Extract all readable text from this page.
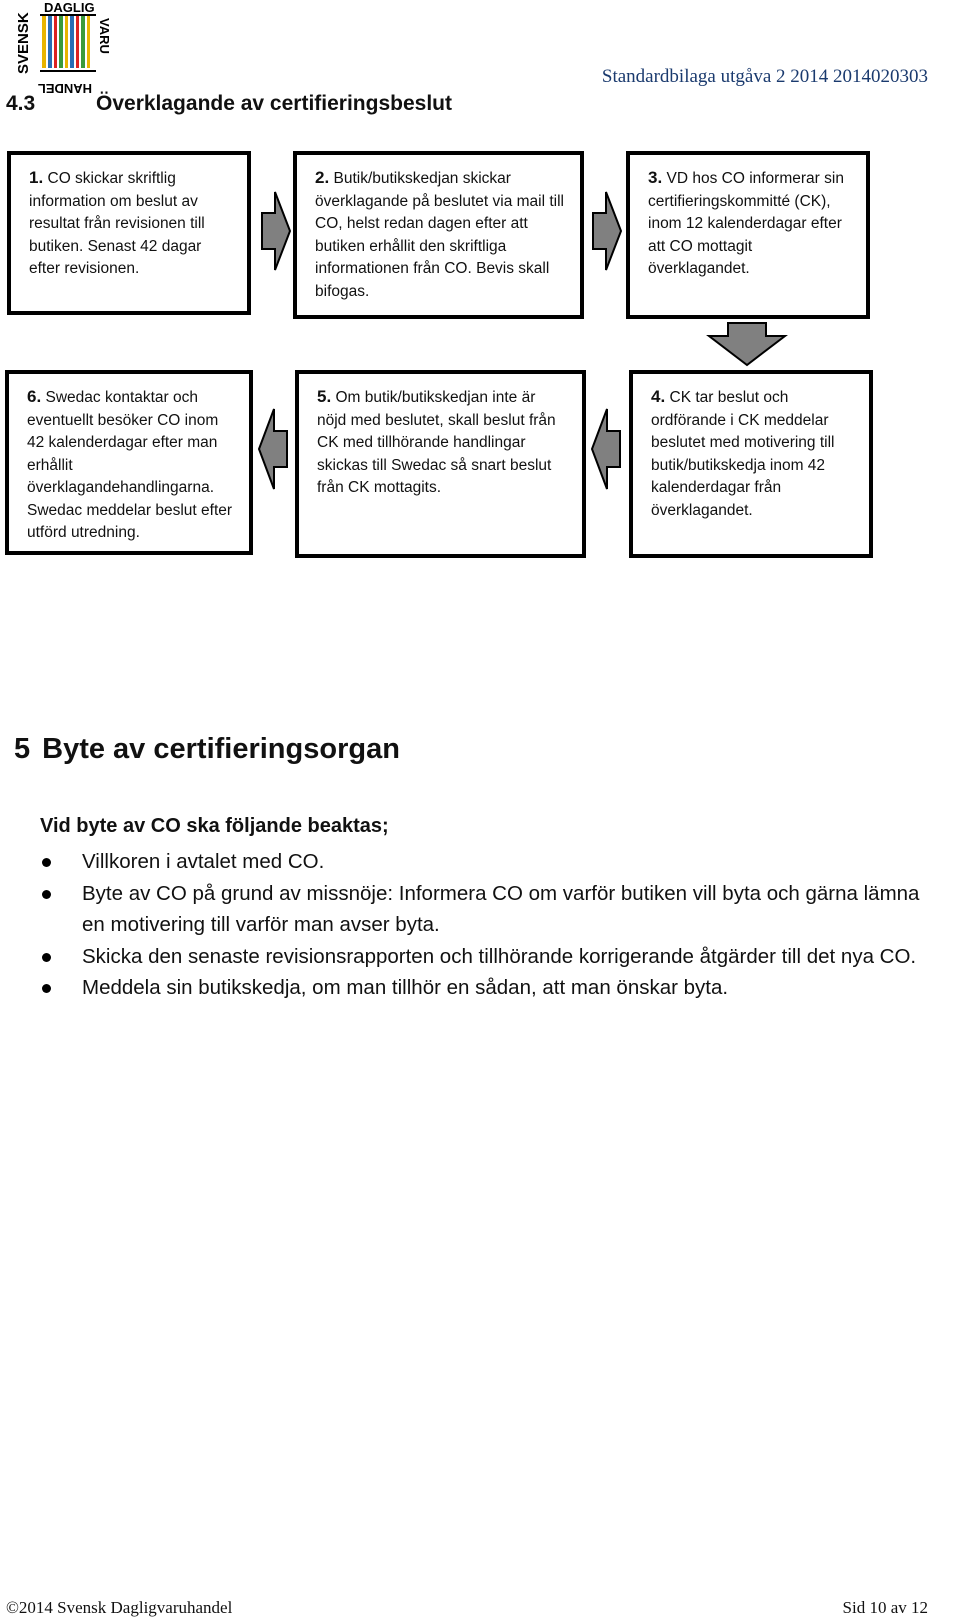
SVENSK
DAGLIG
VARU
HANDEL
Standardbilaga utgåva 2 2014 2014020303
4.3	Överklagande av certifieringsbeslut
1. CO skickar skriftlig information om beslut av resultat från revisionen till butiken. Senast 42 dagar efter revisionen.
2. Butik/butikskedjan skickar överklagande på beslutet via mail till CO, helst redan dagen efter att butiken erhållit den skriftliga informationen från CO. Bevis skall bifogas.
3. VD hos CO informerar sin certifieringskommitté (CK), inom 12 kalenderdagar efter att CO mottagit överklagandet.
6. Swedac kontaktar och eventuellt besöker CO inom 42 kalenderdagar efter man erhållit överklagandehandlingarna. Swedac meddelar beslut efter utförd utredning.
5. Om butik/butikskedjan inte är nöjd med beslutet, skall beslut från CK med tillhörande handlingar skickas till Swedac så snart beslut från CK mottagits.
4. CK tar beslut och ordförande i CK meddelar beslutet med motivering till butik/butikskedja inom 42 kalenderdagar från överklagandet.
5 Byte av certifieringsorgan
Vid byte av CO ska följande beaktas;
Villkoren i avtalet med CO.
Byte av CO på grund av missnöje: Informera CO om varför butiken vill byta och gärna lämna en motivering till varför man avser byta.
Skicka den senaste revisionsrapporten och tillhörande korrigerande åtgärder till det nya CO.
Meddela sin butikskedja, om man tillhör en sådan, att man önskar byta.
©2014 Svensk Dagligvaruhandel	Sid 10 av 12
